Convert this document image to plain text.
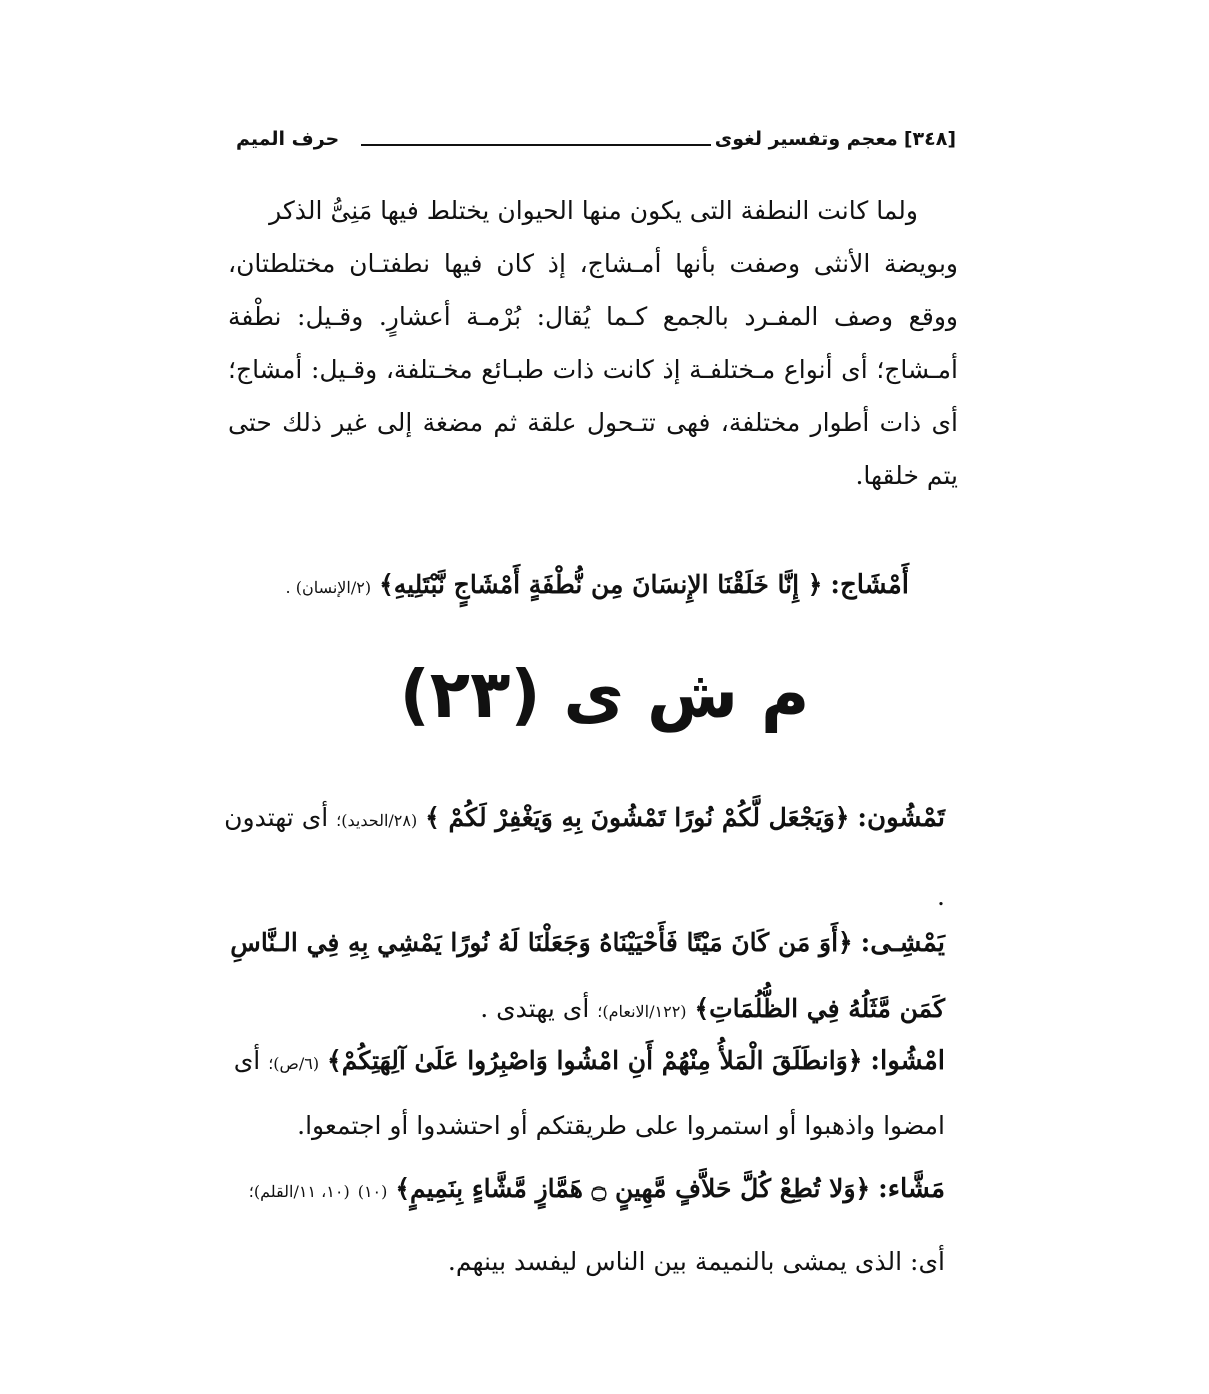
[٣٤٨]
معجم وتفسير لغوى
حرف الميم

ولما كانت النطفة التى يكون منها الحيوان يختلط فيها مَنِىُّ الذكر
وبويضة الأنثى وصفت بأنها أمـشاج، إذ كان فيها نطفتـان مختلطتان، ووقع وصف المفـرد بالجمع كـما يُقال: بُرْمـة أعشارٍ. وقـيل: نطْفة أمـشاج؛ أى أنواع مـختلفـة إذ كانت ذات طبـائع مخـتلفة، وقـيل: أمشاج؛ أى ذات أطوار مختلفة، فهى تتـحول علقة ثم مضغة إلى غير ذلك حتى يتم خلقها.

أَمْشَاج: ﴿ إِنَّا خَلَقْنَا الإِنسَانَ مِن نُّطْفَةٍ أَمْشَاجٍ نَّبْتَلِيهِ﴾ (٢/الإنسان) .

م ش ى (٢٣)

تَمْشُون: ﴿وَيَجْعَل لَّكُمْ نُورًا تَمْشُونَ بِهِ وَيَغْفِرْ لَكُمْ ﴾ (٢٨/الحديد)؛ أى تهتدون .

يَمْشِـى: ﴿أَوَ مَن كَانَ مَيْتًا فَأَحْيَيْنَاهُ وَجَعَلْنَا لَهُ نُورًا يَمْشِي بِهِ فِي الـنَّاسِ كَمَن مَّثَلُهُ فِي الظُّلُمَاتِ﴾ (١٢٢/الانعام)؛ أى يهتدى .

امْشُوا: ﴿وَانطَلَقَ الْمَلأُ مِنْهُمْ أَنِ امْشُوا وَاصْبِرُوا عَلَىٰ آلِهَتِكُمْ﴾ (٦/ص)؛ أى امضوا واذهبوا أو استمروا على طريقتكم أو احتشدوا أو اجتمعوا.

مَشَّاء: ﴿وَلا تُطِعْ كُلَّ حَلاَّفٍ مَّهِينٍ ۝ هَمَّازٍ مَّشَّاءٍ بِنَمِيمٍ﴾ (١٠) (١٠، ١١/القلم)؛ أى: الذى يمشى بالنميمة بين الناس ليفسد بينهم.
